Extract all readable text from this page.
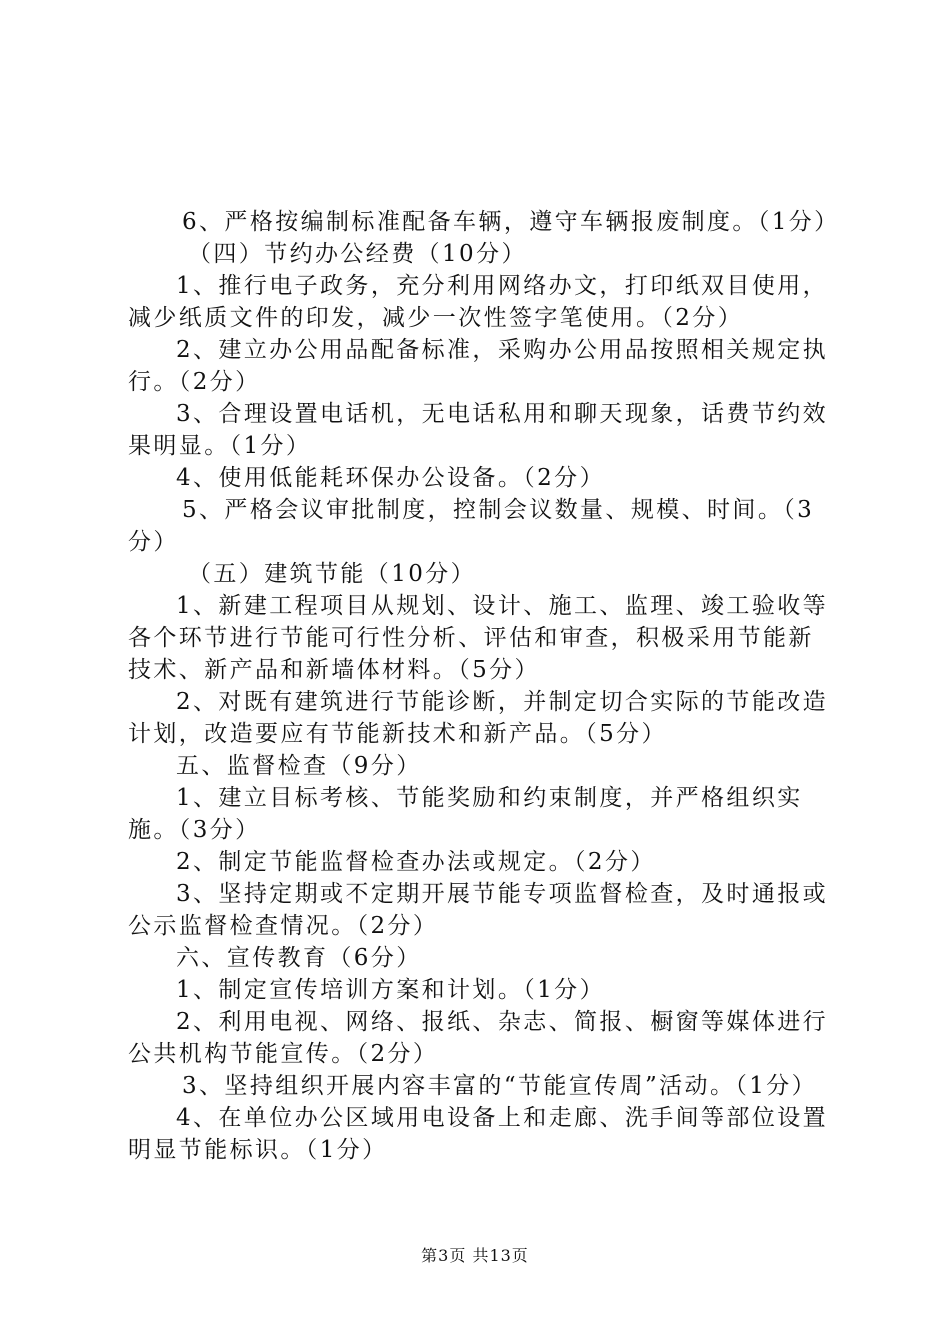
6、严格按编制标准配备车辆，遵守车辆报废制度。（1分）

（四）节约办公经费（10分）

1、推行电子政务，充分利用网络办文，打印纸双目使用，减少纸质文件的印发，减少一次性签字笔使用。（2分）

2、建立办公用品配备标准，采购办公用品按照相关规定执行。（2分）

3、合理设置电话机，无电话私用和聊天现象，话费节约效果明显。（1分）

4、使用低能耗环保办公设备。（2分）

5、严格会议审批制度，控制会议数量、规模、时间。（3分）

（五）建筑节能（10分）

1、新建工程项目从规划、设计、施工、监理、竣工验收等各个环节进行节能可行性分析、评估和审查，积极采用节能新技术、新产品和新墙体材料。（5分）

2、对既有建筑进行节能诊断，并制定切合实际的节能改造计划，改造要应有节能新技术和新产品。（5分）

五、监督检查（9分）

1、建立目标考核、节能奖励和约束制度，并严格组织实施。（3分）

2、制定节能监督检查办法或规定。（2分）

3、坚持定期或不定期开展节能专项监督检查，及时通报或公示监督检查情况。（2分）

六、宣传教育（6分）

1、制定宣传培训方案和计划。（1分）

2、利用电视、网络、报纸、杂志、简报、橱窗等媒体进行公共机构节能宣传。（2分）

3、坚持组织开展内容丰富的“节能宣传周”活动。（1分）

4、在单位办公区域用电设备上和走廊、洗手间等部位设置明显节能标识。（1分）

第3页 共13页
